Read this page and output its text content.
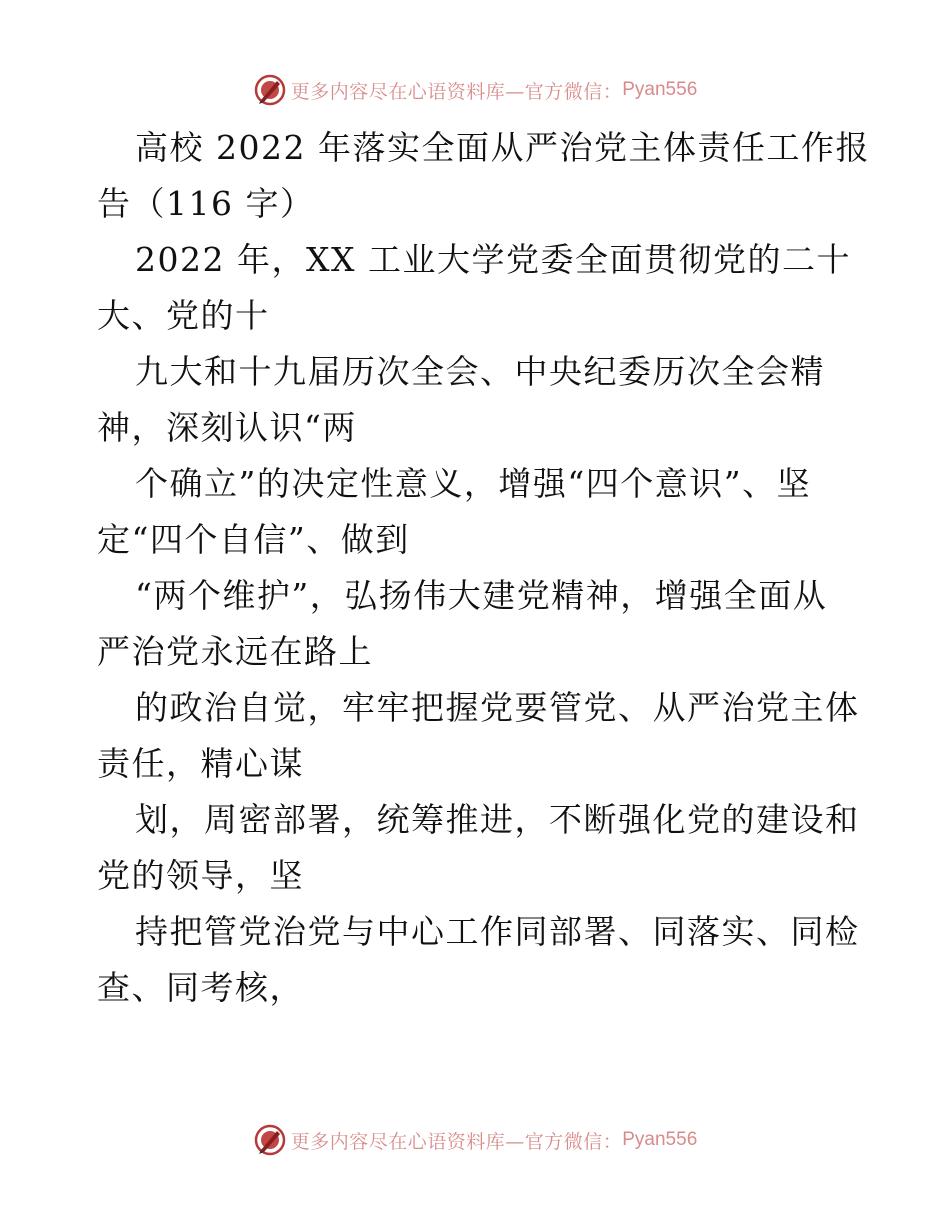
更多内容尽在心语资料库—官方微信： Pyan556
高校 2022 年落实全面从严治党主体责任工作报
告（116 字）
2022 年，XX 工业大学党委全面贯彻党的二十
大、党的十
九大和十九届历次全会、中央纪委历次全会精
神，深刻认识“两
个确立”的决定性意义，增强“四个意识”、坚
定“四个自信”、做到
“两个维护”，弘扬伟大建党精神，增强全面从
严治党永远在路上
的政治自觉，牢牢把握党要管党、从严治党主体
责任，精心谋
划，周密部署，统筹推进，不断强化党的建设和
党的领导，坚
持把管党治党与中心工作同部署、同落实、同检
查、同考核，
更多内容尽在心语资料库—官方微信： Pyan556
